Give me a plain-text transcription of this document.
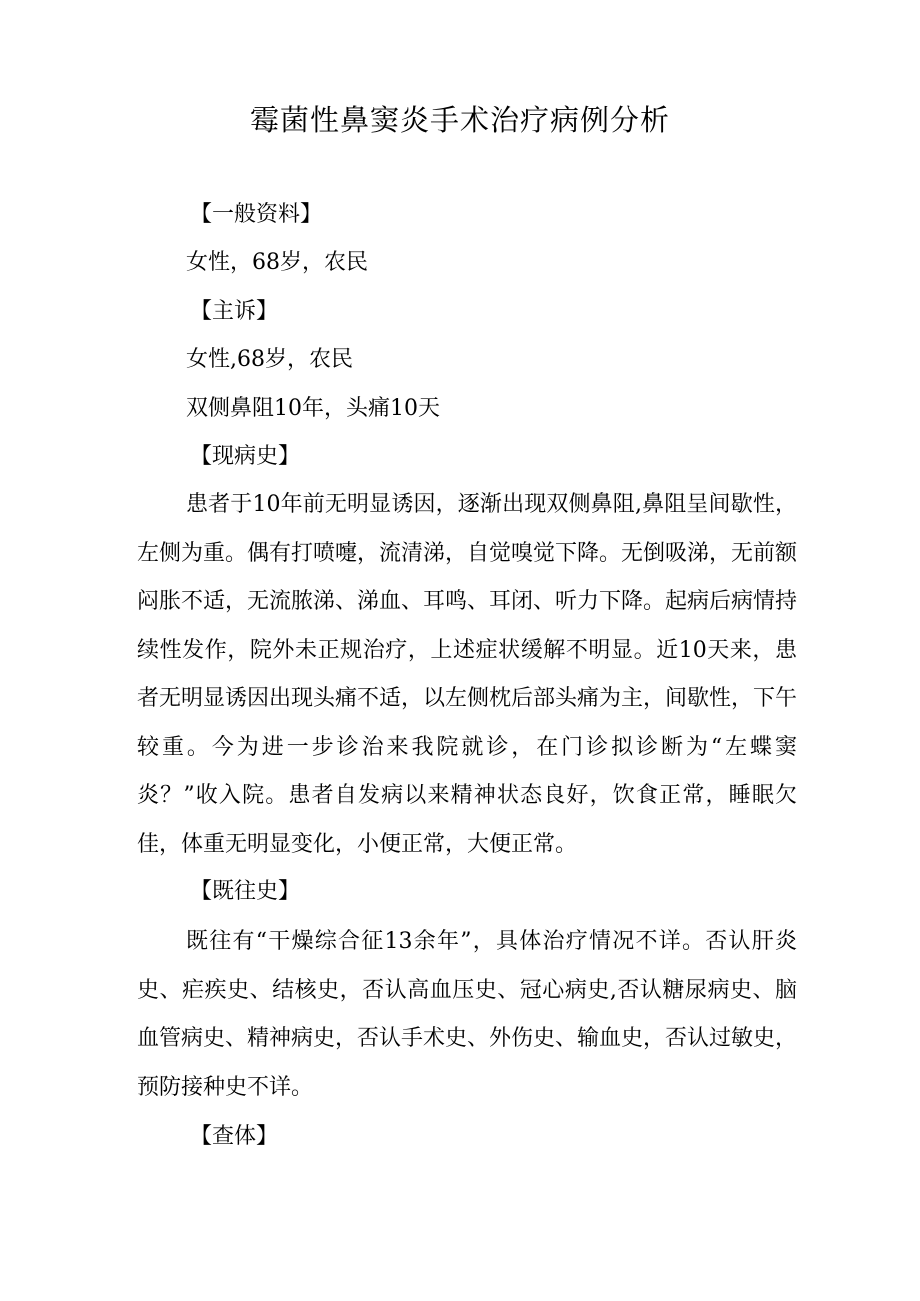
霉菌性鼻窦炎手术治疗病例分析
【一般资料】
女性，68岁，农民
【主诉】
女性,68岁，农民
双侧鼻阻10年，头痛10天
【现病史】
患者于10年前无明显诱因，逐渐出现双侧鼻阻,鼻阻呈间歇性，左侧为重。偶有打喷嚏，流清涕，自觉嗅觉下降。无倒吸涕，无前额闷胀不适，无流脓涕、涕血、耳鸣、耳闭、听力下降。起病后病情持续性发作，院外未正规治疗，上述症状缓解不明显。近10天来，患者无明显诱因出现头痛不适，以左侧枕后部头痛为主，间歇性，下午较重。今为进一步诊治来我院就诊，在门诊拟诊断为“左蝶窦炎？”收入院。患者自发病以来精神状态良好，饮食正常，睡眠欠佳，体重无明显变化，小便正常，大便正常。
【既往史】
既往有“干燥综合征13余年”，具体治疗情况不详。否认肝炎史、疟疾史、结核史，否认高血压史、冠心病史,否认糖尿病史、脑血管病史、精神病史，否认手术史、外伤史、输血史，否认过敏史，预防接种史不详。
【查体】
